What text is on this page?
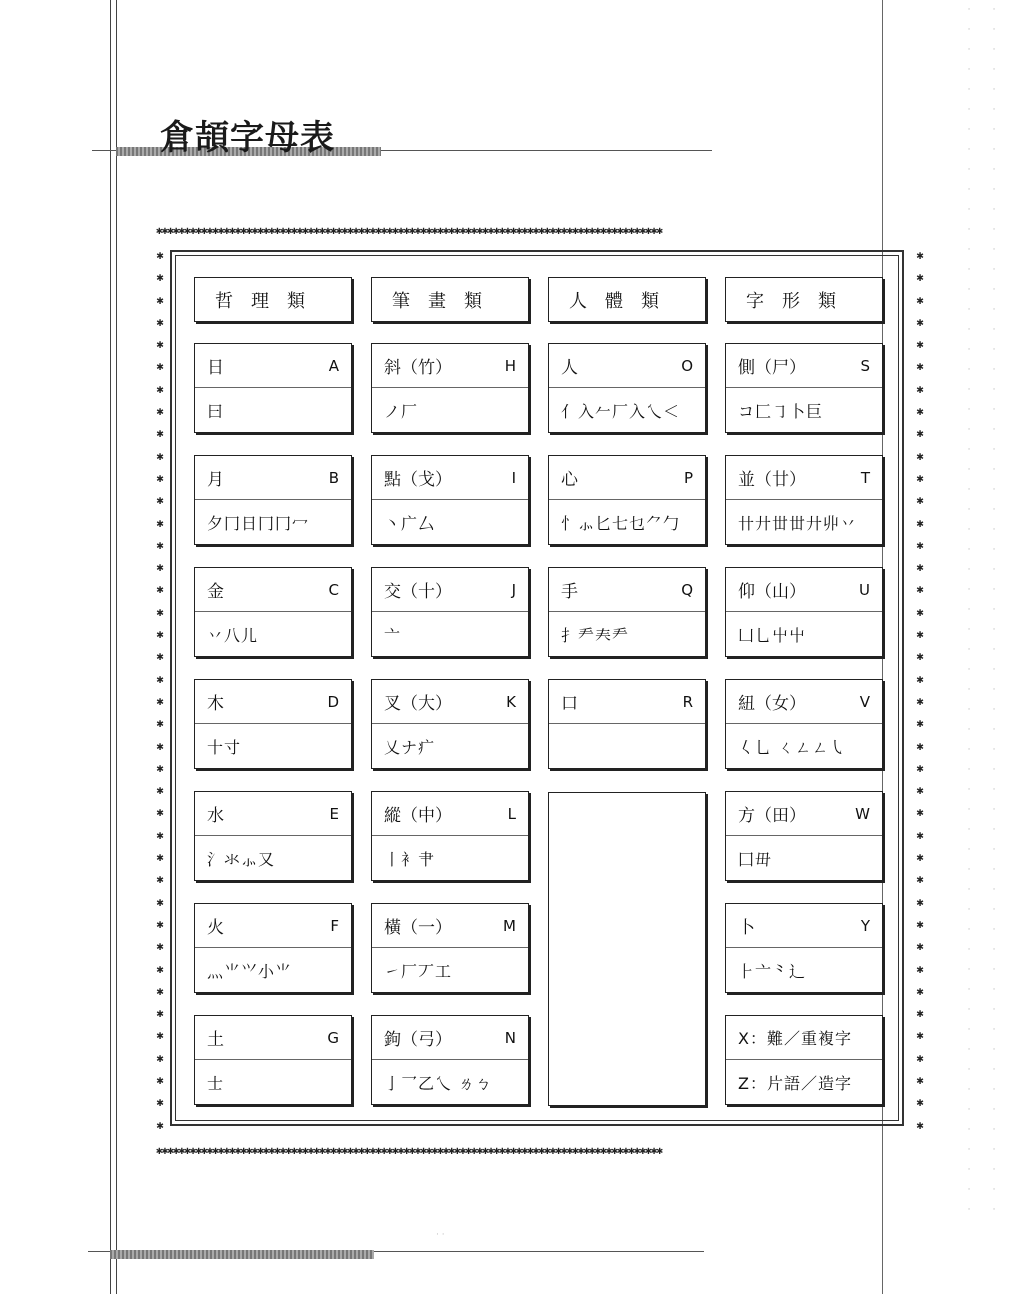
· · · · · · · · · · · · · · · · · · · · · · · · · · · · · · · · · · · · · · · · · · · · · · · · · · · · · · · · · · · · ·
· · · · · · · · · · · · · · · · · · · · · · · · · · · · · · · · · · · · · · · · · · · · · · · · · · · · · · · · · · · · ·
倉頡字母表
✱✱✱✱✱✱✱✱✱✱✱✱✱✱✱✱✱✱✱✱✱✱✱✱✱✱✱✱✱✱✱✱✱✱✱✱✱✱✱✱✱✱✱✱✱✱✱✱✱✱✱✱✱✱✱✱✱✱✱✱✱✱✱✱✱✱✱✱✱✱✱✱✱✱✱✱✱✱✱✱✱✱✱✱✱✱✱✱✱✱
✱✱✱✱✱✱✱✱✱✱✱✱✱✱✱✱✱✱✱✱✱✱✱✱✱✱✱✱✱✱✱✱✱✱✱✱✱✱✱✱✱✱✱✱✱✱✱✱✱✱✱✱✱✱✱✱✱✱✱✱✱✱✱✱✱✱✱✱✱✱✱✱✱✱✱✱✱✱✱✱✱✱✱✱✱✱✱✱✱✱
✱
✱
✱
✱
✱
✱
✱
✱
✱
✱
✱
✱
✱
✱
✱
✱
✱
✱
✱
✱
✱
✱
✱
✱
✱
✱
✱
✱
✱
✱
✱
✱
✱
✱
✱
✱
✱
✱
✱
✱
✱
✱
✱
✱
✱
✱
✱
✱
✱
✱
✱
✱
✱
✱
✱
✱
✱
✱
✱
✱
✱
✱
✱
✱
✱
✱
✱
✱
✱
✱
✱
✱
✱
✱
✱
✱
✱
✱
✱
✱
哲　理　類	筆　畫　類	人　體　類	字　形　類
X：難／重複字
Z：片語／造字
· ·
日	A
曰
月	B
夕冂日冂冂冖
金	C
丷八儿
木	D
十寸
水	E
氵氺⺗又
火	F
灬⺌⺍小⺌
土	G
士
斜（竹）	H
ノ厂
點（戈）	I
丶广厶
交（十）	J
亠
叉（大）	K
乂ナ疒
縱（中）	L
丨衤肀
橫（一）	M
㇀厂丆工
鉤（弓）	N
亅乛乙乀 ㄌㄅ
人	O
亻入𠂉厂入乀＜
心	P
忄⺗匕七乜⺈勹
手	Q
扌龵𡗗龵
口	R
側（尸）	S
コ匚㇆卜巨
並（廿）	T
卄廾丗丗廾丱丷
仰（山）	U
凵乚屮屮
紐（女）	V
𡿨乚 ㄑㄥㄥ㇂
方（田）	W
囗毌
卜	Y
⺊亠⺀辶
